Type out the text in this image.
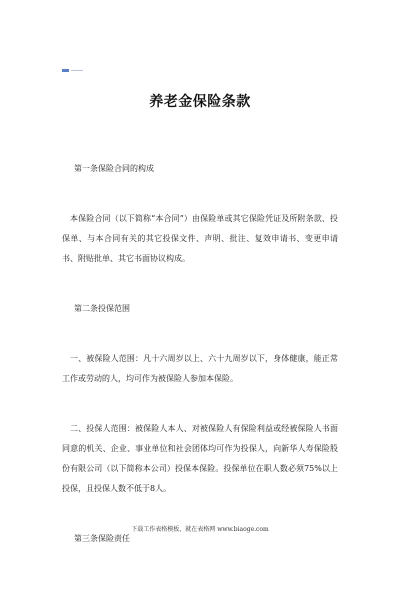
养老金保险条款

第一条保险合同的构成

本保险合同（以下简称“本合同”）由保险单或其它保险凭证及所附条款、投保单、与本合同有关的其它投保文件、声明、批注、复效申请书、变更申请书、附贴批单、其它书面协议构成。

第二条投保范围

一、被保险人范围：凡十六周岁以上、六十九周岁以下，身体健康，能正常工作或劳动的人，均可作为被保险人参加本保险。

二、投保人范围：被保险人本人、对被保险人有保险利益或经被保险人书面同意的机关、企业、事业单位和社会团体均可作为投保人，向新华人寿保险股份有限公司（以下简称本公司）投保本保险。投保单位在职人数必须75%以上投保，且投保人数不低于8人。

第三条保险责任

下载工作表格模板，就在表格网 www.biaoge.com
